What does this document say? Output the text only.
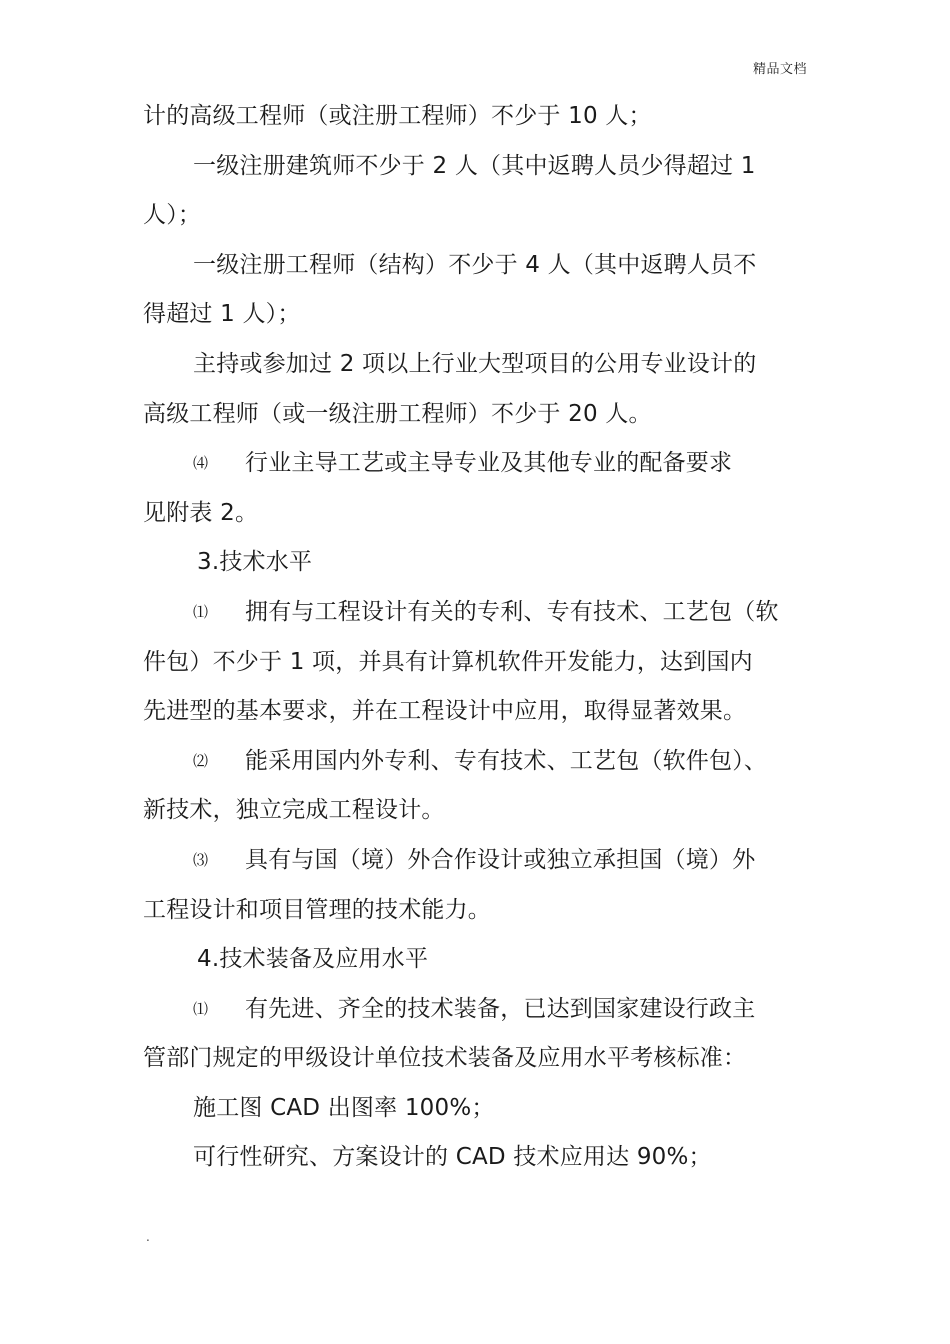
精品文档
计的高级工程师（或注册工程师）不少于 10 人；
一级注册建筑师不少于 2 人（其中返聘人员少得超过 1
人）；
一级注册工程师（结构）不少于 4 人（其中返聘人员不
得超过 1 人）；
主持或参加过 2 项以上行业大型项目的公用专业设计的
高级工程师（或一级注册工程师）不少于 20 人。
⑷ 行业主导工艺或主导专业及其他专业的配备要求
见附表 2。
3.技术水平
⑴ 拥有与工程设计有关的专利、专有技术、工艺包（软
件包）不少于 1 项，并具有计算机软件开发能力，达到国内
先进型的基本要求，并在工程设计中应用，取得显著效果。
⑵ 能采用国内外专利、专有技术、工艺包（软件包）、
新技术，独立完成工程设计。
⑶ 具有与国（境）外合作设计或独立承担国（境）外
工程设计和项目管理的技术能力。
4.技术装备及应用水平
⑴ 有先进、齐全的技术装备，已达到国家建设行政主
管部门规定的甲级设计单位技术装备及应用水平考核标准：
施工图 CAD 出图率 100%；
可行性研究、方案设计的 CAD 技术应用达 90%；
.
